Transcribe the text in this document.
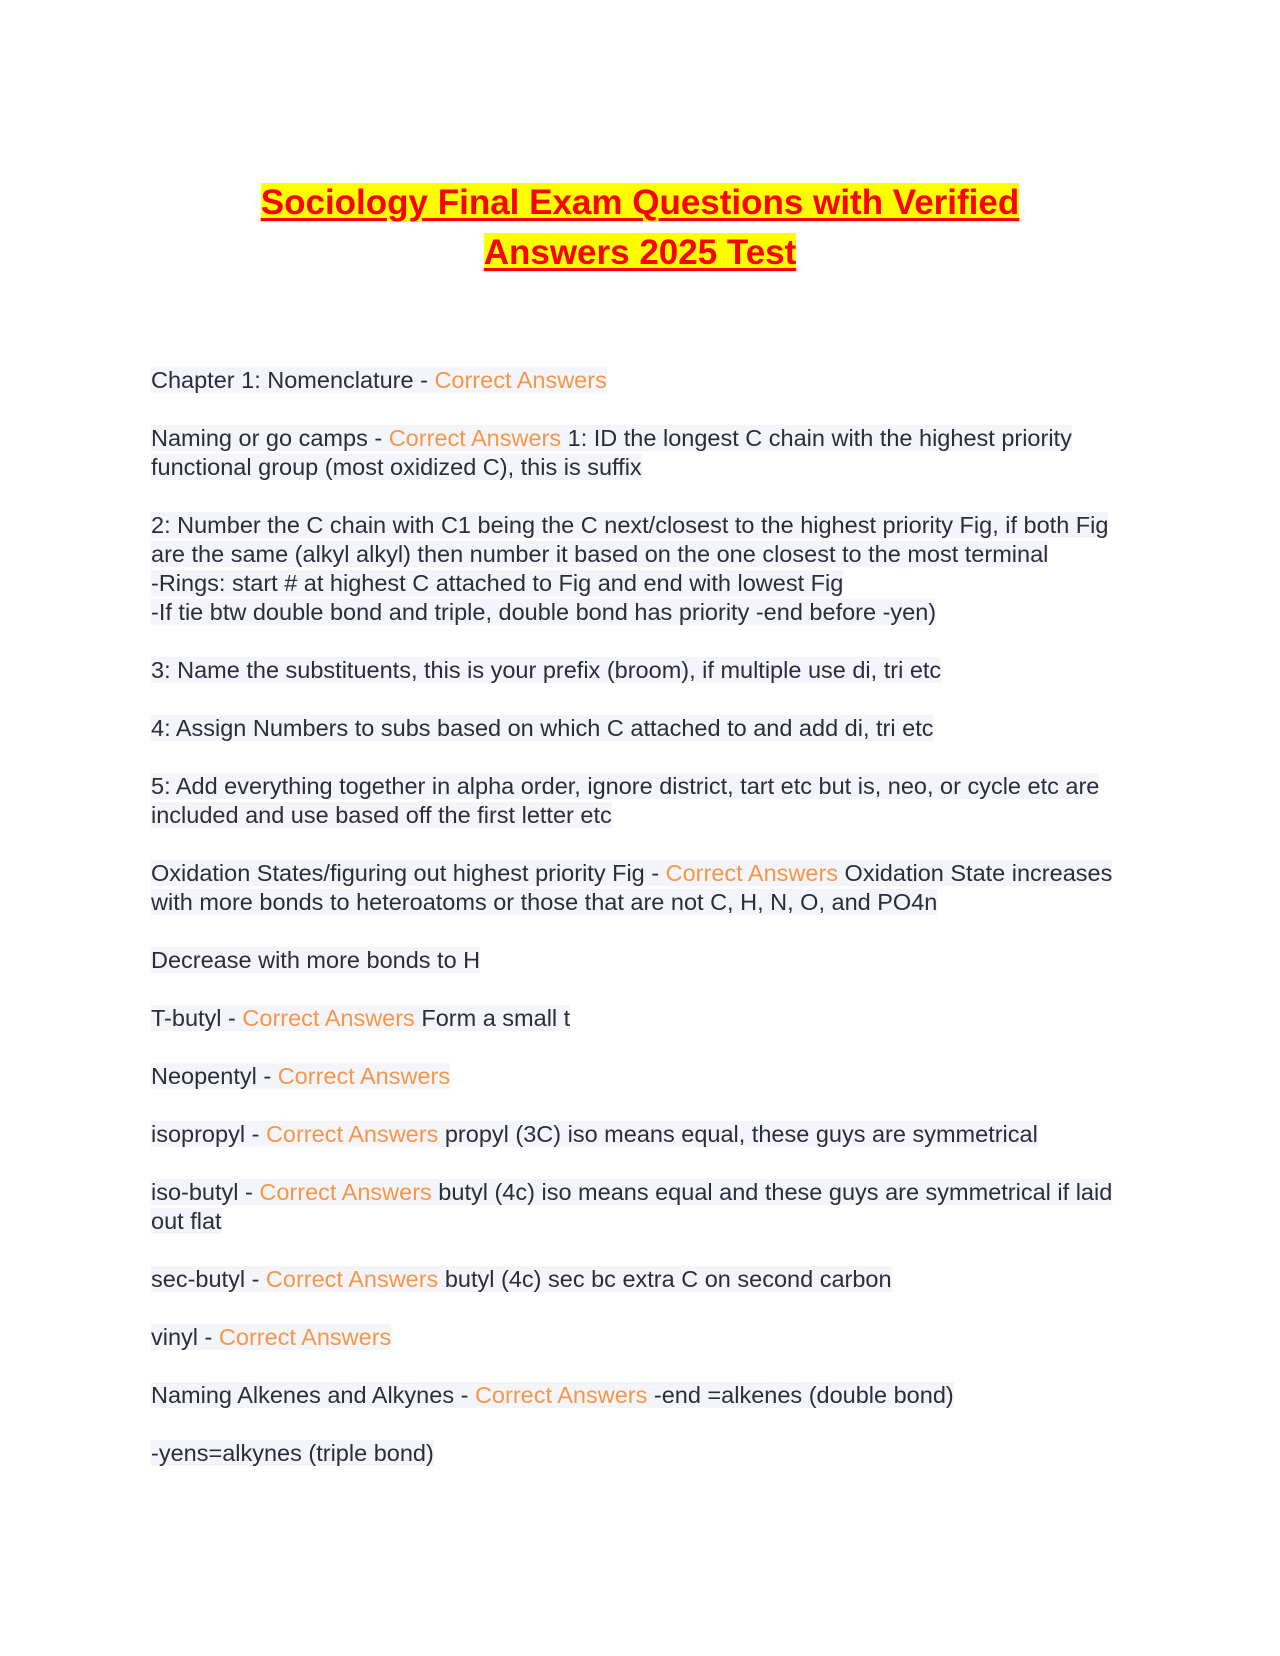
Sociology Final Exam Questions with Verified
Answers 2025 Test

Chapter 1: Nomenclature - Correct Answers

Naming or go camps - Correct Answers 1: ID the longest C chain with the highest priority functional group (most oxidized C), this is suffix

2: Number the C chain with C1 being the C next/closest to the highest priority Fig, if both Fig are the same (alkyl alkyl) then number it based on the one closest to the most terminal
-Rings: start # at highest C attached to Fig and end with lowest Fig
-If tie btw double bond and triple, double bond has priority -end before -yen)

3: Name the substituents, this is your prefix (broom), if multiple use di, tri etc

4: Assign Numbers to subs based on which C attached to and add di, tri etc

5: Add everything together in alpha order, ignore district, tart etc but is, neo, or cycle etc are included and use based off the first letter etc

Oxidation States/figuring out highest priority Fig - Correct Answers Oxidation State increases with more bonds to heteroatoms or those that are not C, H, N, O, and PO4n

Decrease with more bonds to H

T-butyl - Correct Answers Form a small t

Neopentyl - Correct Answers

isopropyl - Correct Answers propyl (3C) iso means equal, these guys are symmetrical

iso-butyl - Correct Answers butyl (4c) iso means equal and these guys are symmetrical if laid out flat

sec-butyl - Correct Answers butyl (4c) sec bc extra C on second carbon

vinyl - Correct Answers

Naming Alkenes and Alkynes - Correct Answers -end =alkenes (double bond)

-yens=alkynes (triple bond)
